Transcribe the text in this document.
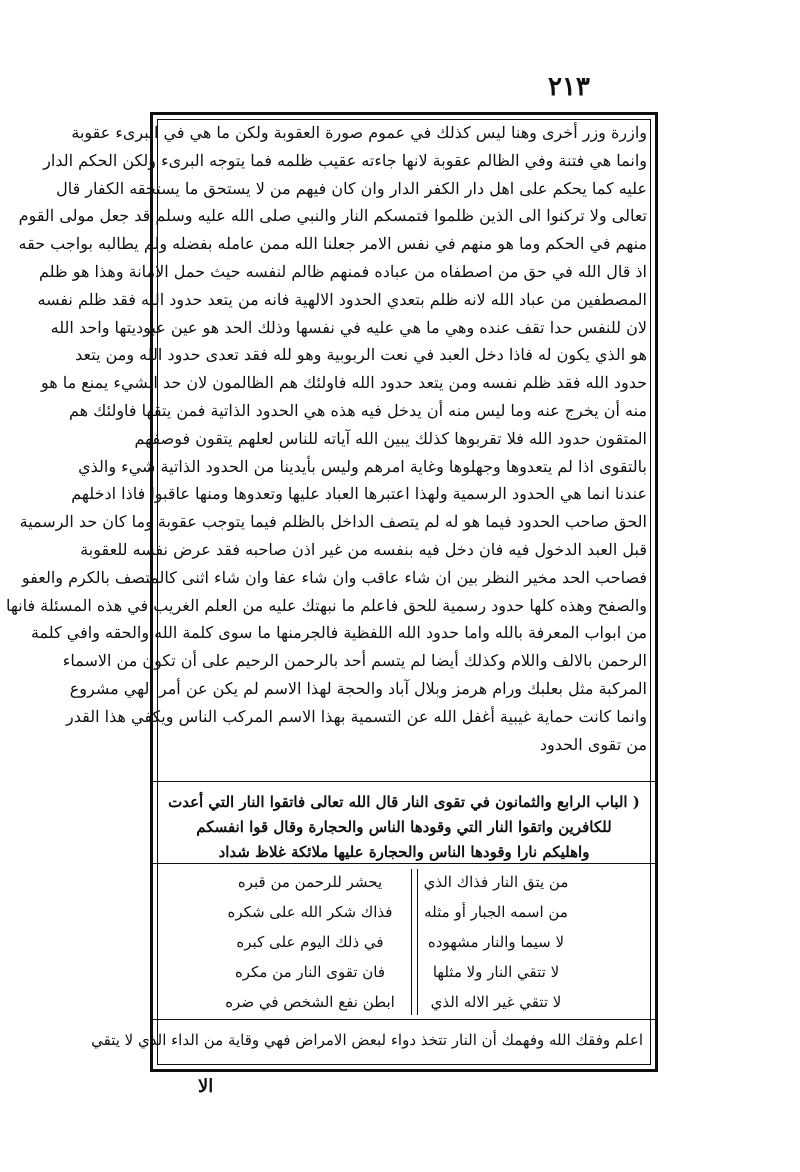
٢١٣
وازرة وزر أخرى وهنا ليس كذلك في عموم صورة العقوبة ولكن ما هي في البرىء عقوبة
وانما هي فتنة وفي الظالم عقوبة لانها جاءته عقيب ظلمه فما يتوجه البرىء ولكن الحكم الدار
عليه كما يحكم على اهل دار الكفر الدار وان كان فيهم من لا يستحق ما يستحقه الكفار قال
تعالى ولا تركنوا الى الذين ظلموا فتمسكم النار والنبي صلى الله عليه وسلم قد جعل مولى القوم
منهم في الحكم وما هو منهم في نفس الامر جعلنا الله ممن عامله بفضله ولم يطالبه بواجب حقه
اذ قال الله في حق من اصطفاه من عباده فمنهم ظالم لنفسه حيث حمل الامانة وهذا هو ظلم
المصطفين من عباد الله لانه ظلم بتعدي الحدود الالهية فانه من يتعد حدود الله فقد ظلم نفسه
لان للنفس حدا تقف عنده وهي ما هي عليه في نفسها وذلك الحد هو عين عبوديتها واحد الله
هو الذي يكون له فاذا دخل العبد في نعت الربوبية وهو لله فقد تعدى حدود الله ومن يتعد
حدود الله فقد ظلم نفسه ومن يتعد حدود الله فاولئك هم الظالمون لان حد الشيء يمنع ما هو
منه أن يخرج عنه وما ليس منه أن يدخل فيه هذه هي الحدود الذاتية فمن يتقها فاولئك هم
المتقون حدود الله فلا تقربوها كذلك يبين الله آياته للناس لعلهم يتقون فوصفهم
بالتقوى اذا لم يتعدوها وجهلوها وغاية امرهم وليس بأيدينا من الحدود الذاتية شيء والذي
عندنا انما هي الحدود الرسمية ولهذا اعتبرها العباد عليها وتعدوها ومنها عاقبوا فاذا ادخلهم
الحق صاحب الحدود فيما هو له لم يتصف الداخل بالظلم فيما يتوجب عقوبة وما كان حد الرسمية
قبل العبد الدخول فيه فان دخل فيه بنفسه من غير اذن صاحبه فقد عرض نفسه للعقوبة
فصاحب الحد مخير النظر بين ان شاء عاقب وان شاء عفا وان شاء اثنى كالمتصف بالكرم والعفو
والصفح وهذه كلها حدود رسمية للحق فاعلم ما نبهتك عليه من العلم الغريب في هذه المسئلة فانها
من ابواب المعرفة بالله واما حدود الله اللفظية فالجرمنها ما سوى كلمة الله والحقه وافي كلمة
الرحمن بالالف واللام وكذلك أيضا لم يتسم أحد بالرحمن الرحيم على أن تكون من الاسماء
المركبة مثل بعلبك ورام هرمز وبلال آباد والحجة لهذا الاسم لم يكن عن أمر الهي مشروع
وانما كانت حماية غيبية أغفل الله عن التسمية بهذا الاسم المركب الناس ويكفي هذا القدر
من تقوى الحدود
( الباب الرابع والثمانون في تقوى النار قال الله تعالى فاتقوا النار التي أعدت
للكافرين واتقوا النار التي وقودها الناس والحجارة وقال قوا انفسكم
واهليكم نارا وقودها الناس والحجارة عليها ملائكة غلاظ شداد
من يتق النار فذاك الذي
من اسمه الجبار أو مثله
لا سيما والنار مشهوده
لا تتقي النار ولا مثلها
لا تتقي غير الاله الذي
يحشر للرحمن من قبره
فذاك شكر الله على شكره
في ذلك اليوم على كبره
فان تقوى النار من مكره
ابطن نفع الشخص في ضره
اعلم وفقك الله وفهمك أن النار تتخذ دواء لبعض الامراض فهي وقاية من الداء الذي لا يتقي
الا
